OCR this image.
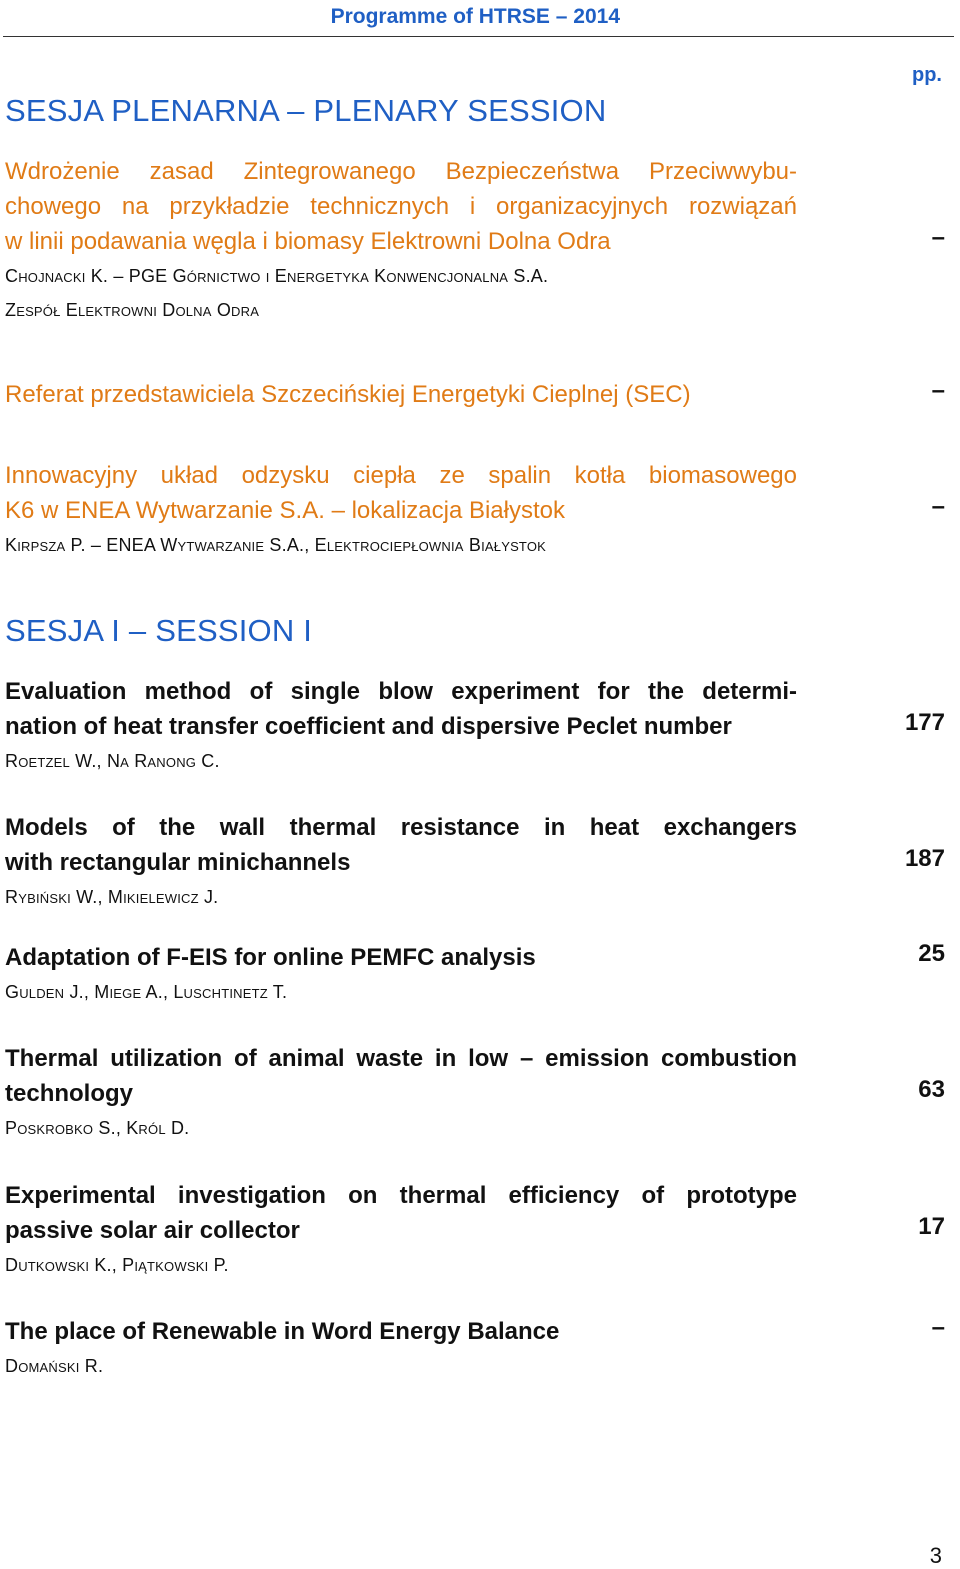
Programme of HTRSE – 2014
pp.
SESJA PLENARNA – PLENARY SESSION
Wdrożenie zasad Zintegrowanego Bezpieczeństwa Przeciwwybu-
chowego na przykładzie technicznych i organizacyjnych rozwiązań
w linii podawania węgla i biomasy Elektrowni Dolna Odra	–
Chojnacki K. – PGE Górnictwo i Energetyka Konwencjonalna S.A.
Zespół Elektrowni Dolna Odra
Referat przedstawiciela Szczecińskiej Energetyki Cieplnej (SEC)	–
Innowacyjny układ odzysku ciepła ze spalin kotła biomasowego
K6 w ENEA Wytwarzanie S.A. – lokalizacja Białystok	–
Kirpsza P. – ENEA Wytwarzanie S.A., Elektrociepłownia Białystok
SESJA I – SESSION I
Evaluation method of single blow experiment for the determi-
nation of heat transfer coefficient and dispersive Peclet number	177
Roetzel W., Na Ranong C.
Models of the wall thermal resistance in heat exchangers
with rectangular minichannels	187
Rybiński W., Mikielewicz J.
Adaptation of F-EIS for online PEMFC analysis	25
Gulden J., Miege A., Luschtinetz T.
Thermal utilization of animal waste in low – emission combustion
technology	63
Poskrobko S., Król D.
Experimental investigation on thermal efficiency of prototype
passive solar air collector	17
Dutkowski K., Piątkowski P.
The place of Renewable in Word Energy Balance	–
Domański R.
3
